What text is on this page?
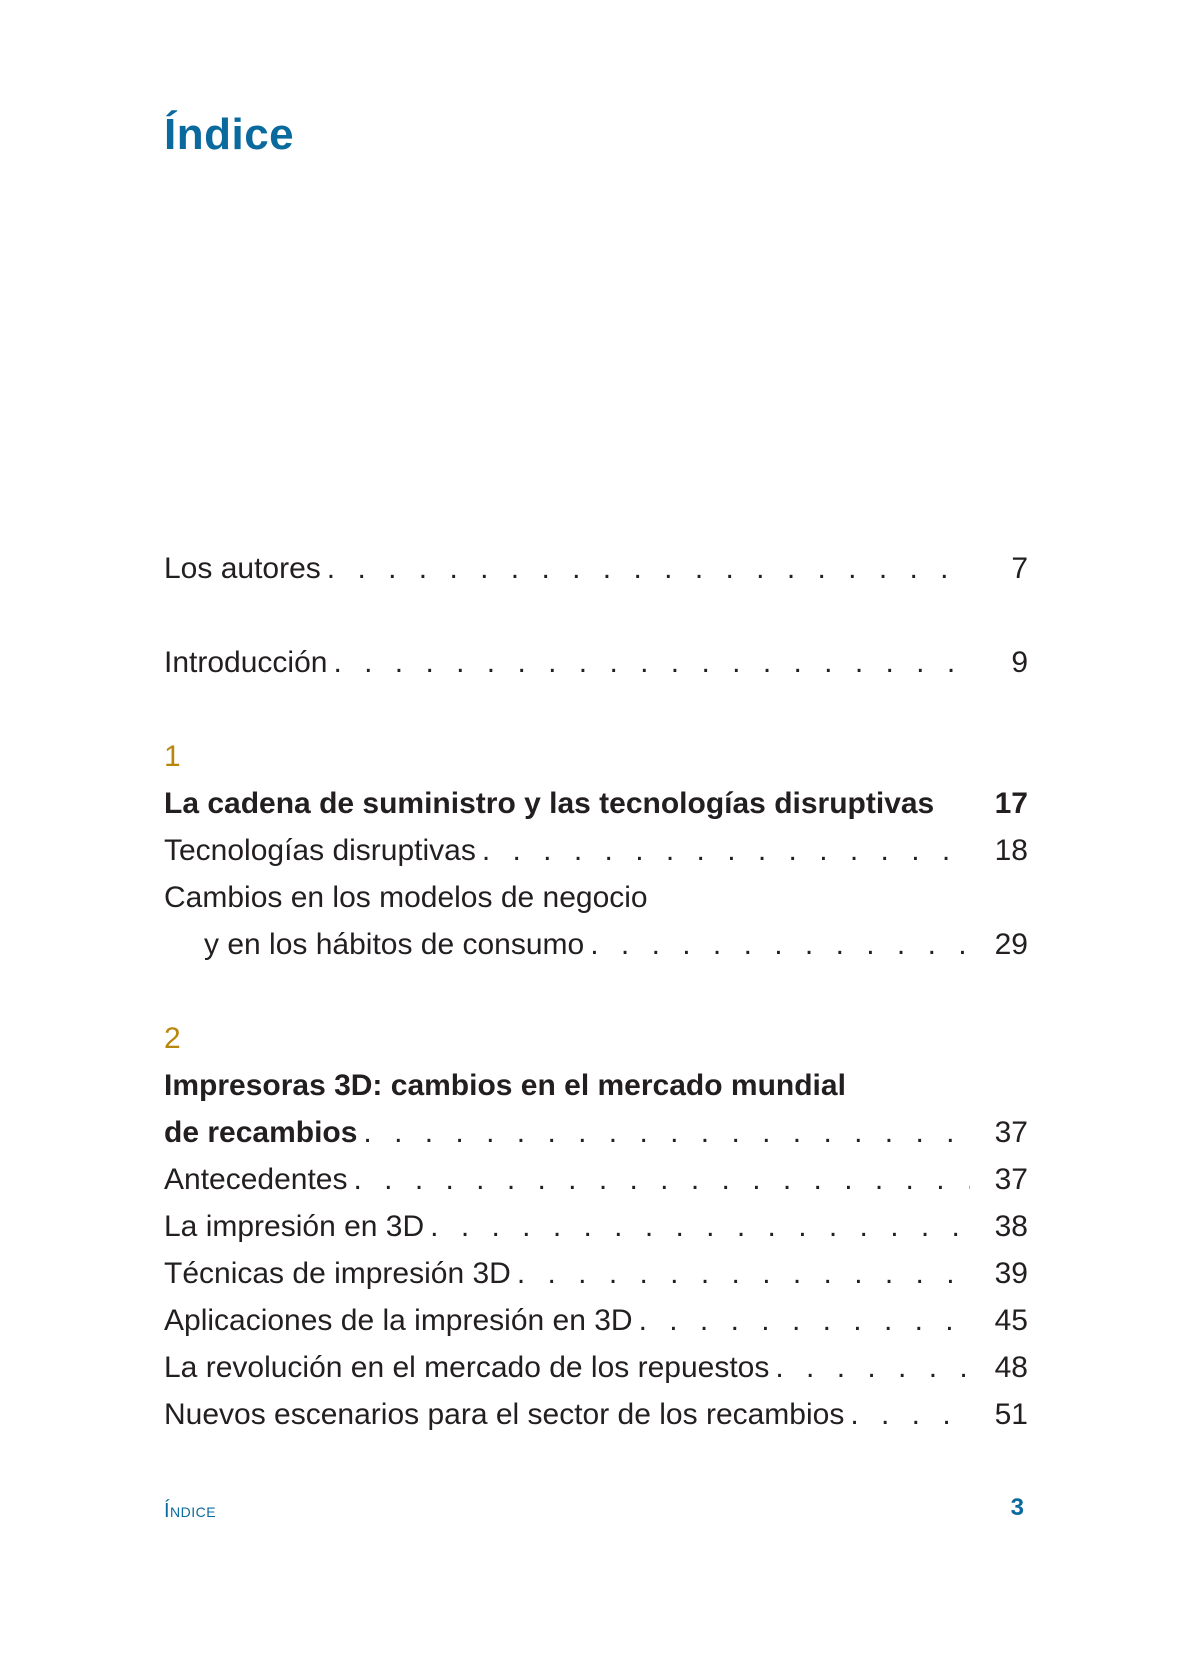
Índice
Los autores . . .	7
Introducción . . .	9
1
La cadena de suministro y las tecnologías disruptivas	17
Tecnologías disruptivas . . .	18
Cambios en los modelos de negocio
y en los hábitos de consumo . . .	29
2
Impresoras 3D: cambios en el mercado mundial
de recambios . . .	37
Antecedentes . . .	37
La impresión en 3D . . .	38
Técnicas de impresión 3D . . .	39
Aplicaciones de la impresión en 3D . . .	45
La revolución en el mercado de los repuestos . . .	48
Nuevos escenarios para el sector de los recambios . . .	51
Índice	3
